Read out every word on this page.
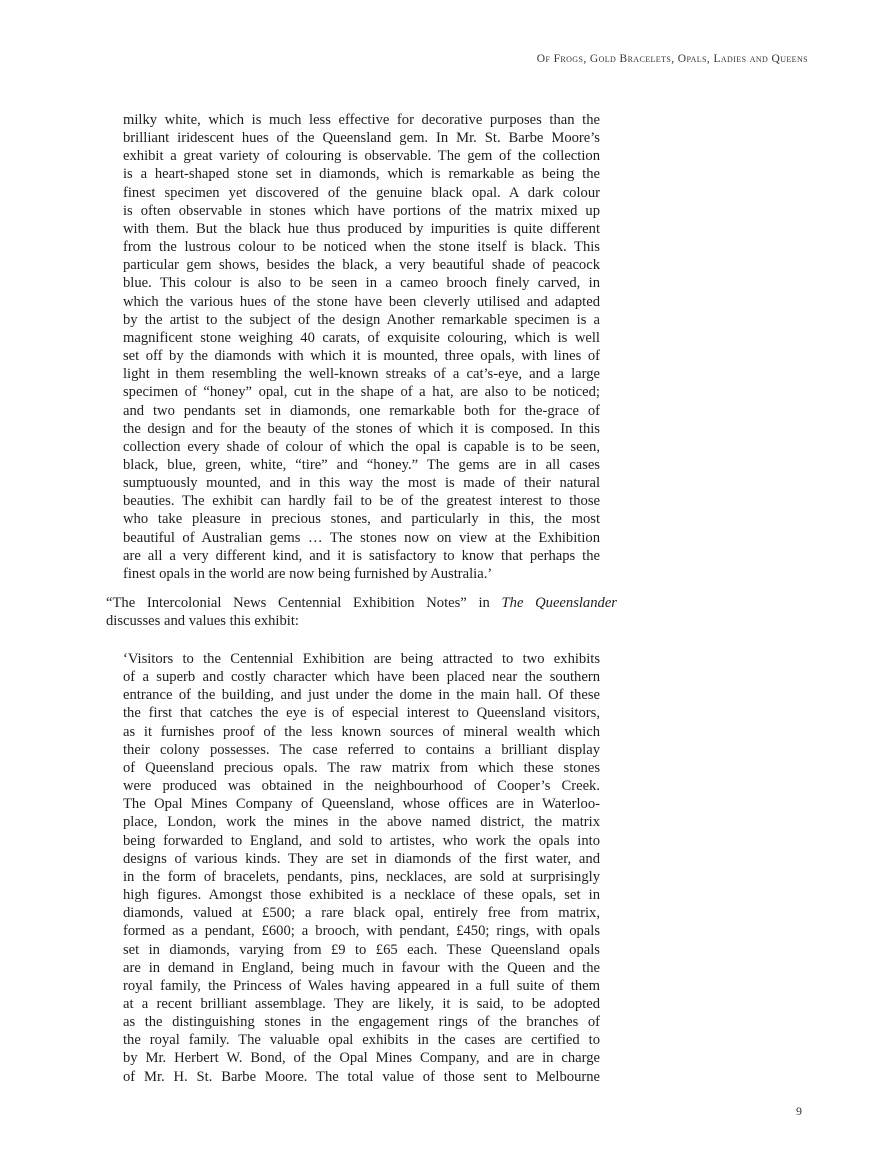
Of Frogs, Gold Bracelets, Opals, Ladies and Queens
milky white, which is much less effective for decorative purposes than the
brilliant iridescent hues of the Queensland gem. In Mr. St. Barbe Moore’s
exhibit a great variety of colouring is observable. The gem of the collection
is a heart-shaped stone set in diamonds, which is remarkable as being the
finest specimen yet discovered of the genuine black opal. A dark colour
is often observable in stones which have portions of the matrix mixed up
with them. But the black hue thus produced by impurities is quite different
from the lustrous colour to be noticed when the stone itself is black. This
particular gem shows, besides the black, a very beautiful shade of peacock
blue. This colour is also to be seen in a cameo brooch finely carved, in
which the various hues of the stone have been cleverly utilised and adapted
by the artist to the subject of the design Another remarkable specimen is a
magnificent stone weighing 40 carats, of exquisite colouring, which is well
set off by the diamonds with which it is mounted, three opals, with lines of
light in them resembling the well-known streaks of a cat’s-eye, and a large
specimen of “honey” opal, cut in the shape of a hat, are also to be noticed;
and two pendants set in diamonds, one remarkable both for the-grace of
the design and for the beauty of the stones of which it is composed. In this
collection every shade of colour of which the opal is capable is to be seen,
black, blue, green, white, “tire” and “honey.” The gems are in all cases
sumptuously mounted, and in this way the most is made of their natural
beauties. The exhibit can hardly fail to be of the greatest interest to those
who take pleasure in precious stones, and particularly in this, the most
beautiful of Australian gems … The stones now on view at the Exhibition
are all a very different kind, and it is satisfactory to know that perhaps the
finest opals in the world are now being furnished by Australia.’
“The Intercolonial News Centennial Exhibition Notes” in The Queenslander
discusses and values this exhibit:
‘Visitors to the Centennial Exhibition are being attracted to two exhibits
of a superb and costly character which have been placed near the southern
entrance of the building, and just under the dome in the main hall. Of these
the first that catches the eye is of especial interest to Queensland visitors,
as it furnishes proof of the less known sources of mineral wealth which
their colony possesses. The case referred to contains a brilliant display
of Queensland precious opals. The raw matrix from which these stones
were produced was obtained in the neighbourhood of Cooper’s Creek.
The Opal Mines Company of Queensland, whose offices are in Waterloo-
place, London, work the mines in the above named district, the matrix
being forwarded to England, and sold to artistes, who work the opals into
designs of various kinds. They are set in diamonds of the first water, and
in the form of bracelets, pendants, pins, necklaces, are sold at surprisingly
high figures. Amongst those exhibited is a necklace of these opals, set in
diamonds, valued at £500; a rare black opal, entirely free from matrix,
formed as a pendant, £600; a brooch, with pendant, £450; rings, with opals
set in diamonds, varying from £9 to £65 each. These Queensland opals
are in demand in England, being much in favour with the Queen and the
royal family, the Princess of Wales having appeared in a full suite of them
at a recent brilliant assemblage. They are likely, it is said, to be adopted
as the distinguishing stones in the engagement rings of the branches of
the royal family. The valuable opal exhibits in the cases are certified to
by Mr. Herbert W. Bond, of the Opal Mines Company, and are in charge
of Mr. H. St. Barbe Moore. The total value of those sent to Melbourne
9
